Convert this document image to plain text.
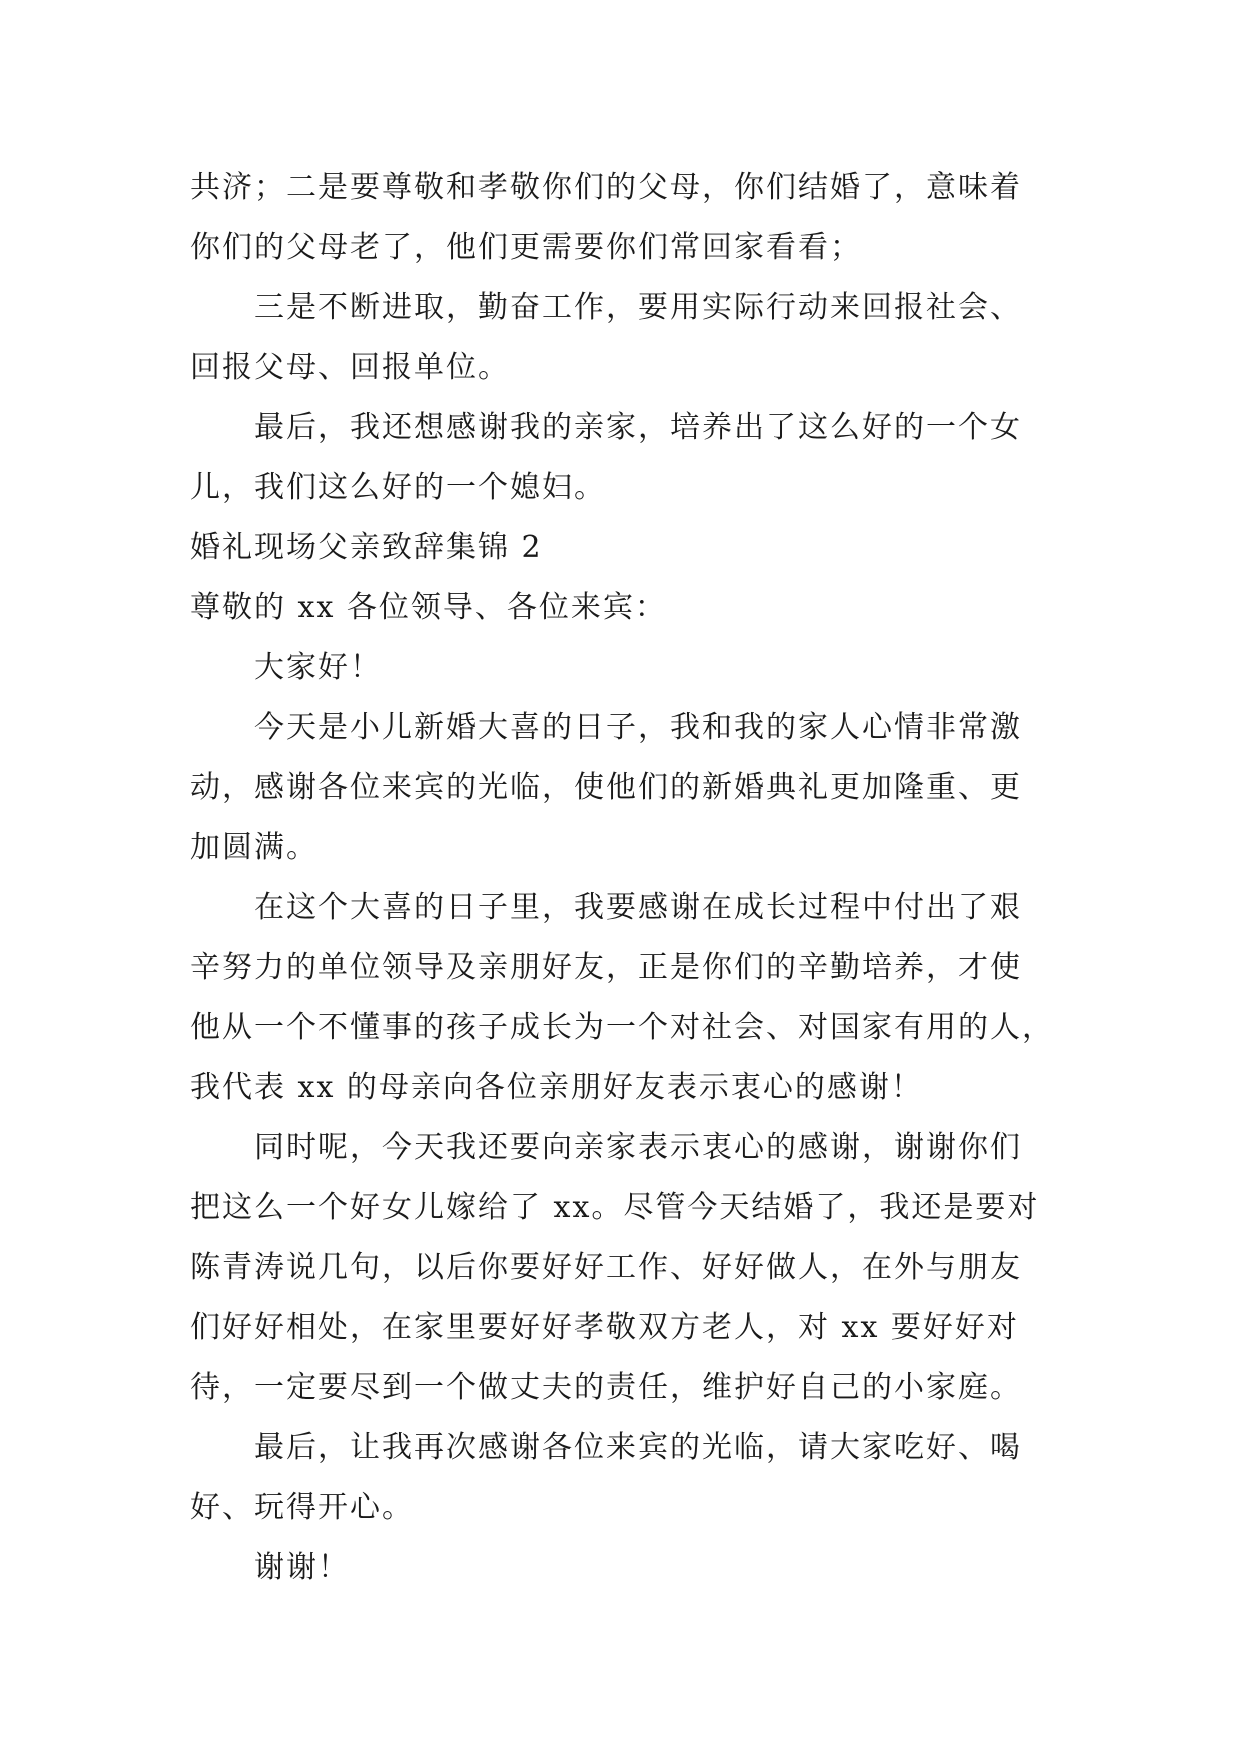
共济；二是要尊敬和孝敬你们的父母，你们结婚了，意味着
你们的父母老了，他们更需要你们常回家看看；
三是不断进取，勤奋工作，要用实际行动来回报社会、
回报父母、回报单位。
最后，我还想感谢我的亲家，培养出了这么好的一个女
儿，我们这么好的一个媳妇。
婚礼现场父亲致辞集锦 2
尊敬的 xx 各位领导、各位来宾：
大家好！
今天是小儿新婚大喜的日子，我和我的家人心情非常激
动，感谢各位来宾的光临，使他们的新婚典礼更加隆重、更
加圆满。
在这个大喜的日子里，我要感谢在成长过程中付出了艰
辛努力的单位领导及亲朋好友，正是你们的辛勤培养，才使
他从一个不懂事的孩子成长为一个对社会、对国家有用的人，
我代表 xx 的母亲向各位亲朋好友表示衷心的感谢！
同时呢，今天我还要向亲家表示衷心的感谢，谢谢你们
把这么一个好女儿嫁给了 xx。尽管今天结婚了，我还是要对
陈青涛说几句，以后你要好好工作、好好做人，在外与朋友
们好好相处，在家里要好好孝敬双方老人，对 xx 要好好对
待，一定要尽到一个做丈夫的责任，维护好自己的小家庭。
最后，让我再次感谢各位来宾的光临，请大家吃好、喝
好、玩得开心。
谢谢！
